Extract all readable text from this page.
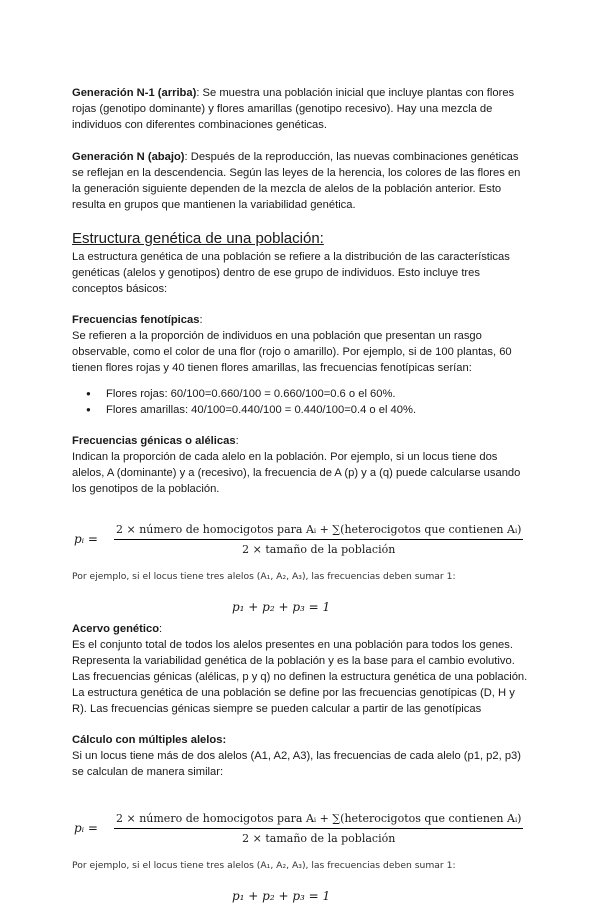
Generación N-1 (arriba): Se muestra una población inicial que incluye plantas con flores rojas (genotipo dominante) y flores amarillas (genotipo recesivo). Hay una mezcla de individuos con diferentes combinaciones genéticas.

Generación N (abajo): Después de la reproducción, las nuevas combinaciones genéticas se reflejan en la descendencia. Según las leyes de la herencia, los colores de las flores en la generación siguiente dependen de la mezcla de alelos de la población anterior. Esto resulta en grupos que mantienen la variabilidad genética.

Estructura genética de una población:

La estructura genética de una población se refiere a la distribución de las características genéticas (alelos y genotipos) dentro de ese grupo de individuos. Esto incluye tres conceptos básicos:

Frecuencias fenotípicas:

Se refieren a la proporción de individuos en una población que presentan un rasgo observable, como el color de una flor (rojo o amarillo). Por ejemplo, si de 100 plantas, 60 tienen flores rojas y 40 tienen flores amarillas, las frecuencias fenotípicas serían:

● Flores rojas: 60/100=0.660/100 = 0.660/100=0.6 o el 60%.
● Flores amarillas: 40/100=0.440/100 = 0.440/100=0.4 o el 40%.

Frecuencias génicas o alélicas:

Indican la proporción de cada alelo en la población. Por ejemplo, si un locus tiene dos alelos, A (dominante) y a (recesivo), la frecuencia de A (p) y a (q) puede calcularse usando los genotipos de la población.

pᵢ =
2 × número de homocigotos para Aᵢ + ∑(heterocigotos que contienen Aᵢ)
2 × tamaño de la población

Por ejemplo, si el locus tiene tres alelos (A₁, A₂, A₃), las frecuencias deben sumar 1:

p₁ + p₂ + p₃ = 1

Acervo genético:

Es el conjunto total de todos los alelos presentes en una población para todos los genes. Representa la variabilidad genética de la población y es la base para el cambio evolutivo. Las frecuencias génicas (alélicas, p y q) no definen la estructura genética de una población. La estructura genética de una población se define por las frecuencias genotípicas (D, H y R). Las frecuencias génicas siempre se pueden calcular a partir de las genotípicas

Cálculo con múltiples alelos:

Si un locus tiene más de dos alelos (A1, A2, A3), las frecuencias de cada alelo (p1, p2, p3) se calculan de manera similar:

pᵢ =
2 × número de homocigotos para Aᵢ + ∑(heterocigotos que contienen Aᵢ)
2 × tamaño de la población

Por ejemplo, si el locus tiene tres alelos (A₁, A₂, A₃), las frecuencias deben sumar 1:

p₁ + p₂ + p₃ = 1
